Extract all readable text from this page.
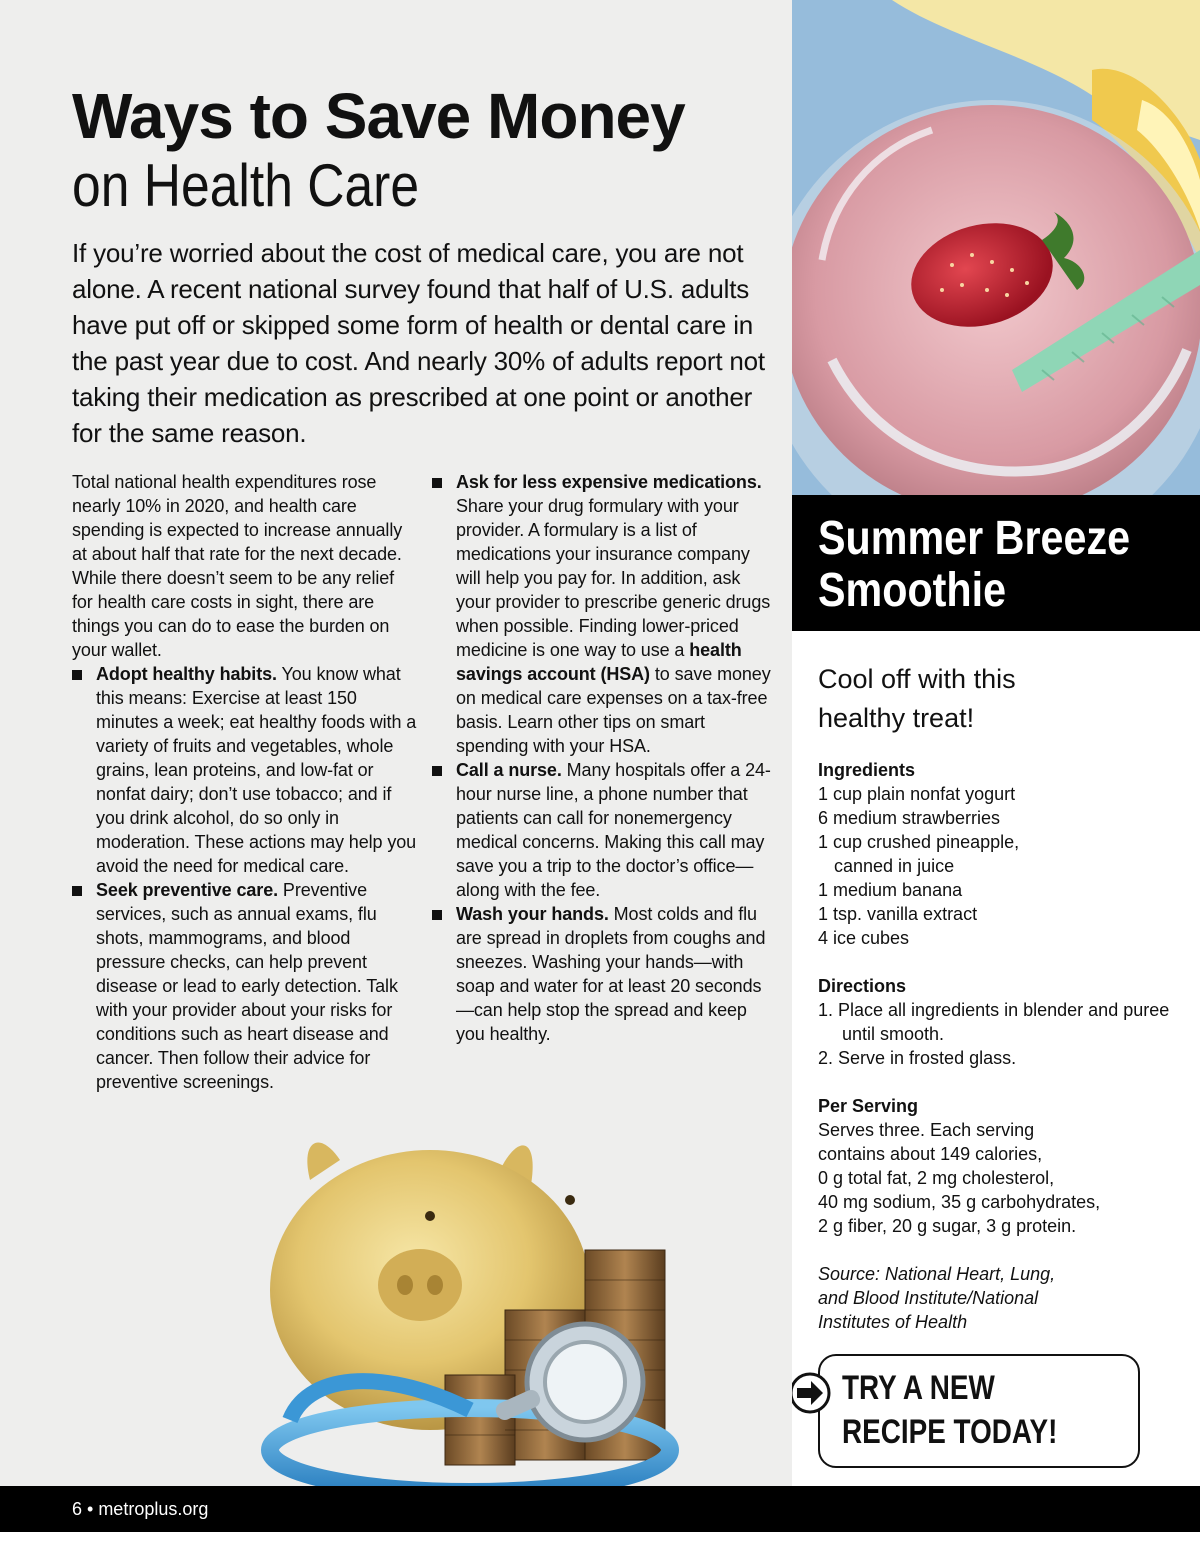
Ways to Save Money
on Health Care

If you’re worried about the cost of medical care, you are not alone. A recent national survey found that half of U.S. adults have put off or skipped some form of health or dental care in the past year due to cost. And nearly 30% of adults report not taking their medication as prescribed at one point or another for the same reason.

Total national health expenditures rose nearly 10% in 2020, and health care spending is expected to increase annually at about half that rate for the next decade. While there doesn’t seem to be any relief for health care costs in sight, there are things you can do to ease the burden on your wallet.

Adopt healthy habits. You know what this means: Exercise at least 150 minutes a week; eat healthy foods with a variety of fruits and vegetables, whole grains, lean proteins, and low-fat or nonfat dairy; don’t use tobacco; and if you drink alcohol, do so only in moderation. These actions may help you avoid the need for medical care.
Seek preventive care. Preventive services, such as annual exams, flu shots, mammograms, and blood pressure checks, can help prevent disease or lead to early detection. Talk with your provider about your risks for conditions such as heart disease and cancer. Then follow their advice for preventive screenings.
Ask for less expensive medications. Share your drug formulary with your provider. A formulary is a list of medications your insurance company will help you pay for. In addition, ask your provider to prescribe generic drugs when possible. Finding lower-priced medicine is one way to use a health savings account (HSA) to save money on medical care expenses on a tax-free basis. Learn other tips on smart spending with your HSA.
Call a nurse. Many hospitals offer a 24-hour nurse line, a phone number that patients can call for nonemergency medical concerns. Making this call may save you a trip to the doctor’s office—along with the fee.
Wash your hands. Most colds and flu are spread in droplets from coughs and sneezes. Washing your hands—with soap and water for at least 20 seconds—can help stop the spread and keep you healthy.
Summer Breeze
Smoothie

Cool off with this
healthy treat!

Ingredients
1 cup plain nonfat yogurt
6 medium strawberries
1 cup crushed pineapple,
canned in juice
1 medium banana
1 tsp. vanilla extract
4 ice cubes
Directions
1. Place all ingredients in blender and puree until smooth.
2. Serve in frosted glass.
Per Serving
Serves three. Each serving
contains about 149 calories,
0 g total fat, 2 mg cholesterol,
40 mg sodium, 35 g carbohydrates,
2 g fiber, 20 g sugar, 3 g protein.
Source: National Heart, Lung,
and Blood Institute/National
Institutes of Health

TRY A NEW
RECIPE TODAY!

6 • metroplus.org
